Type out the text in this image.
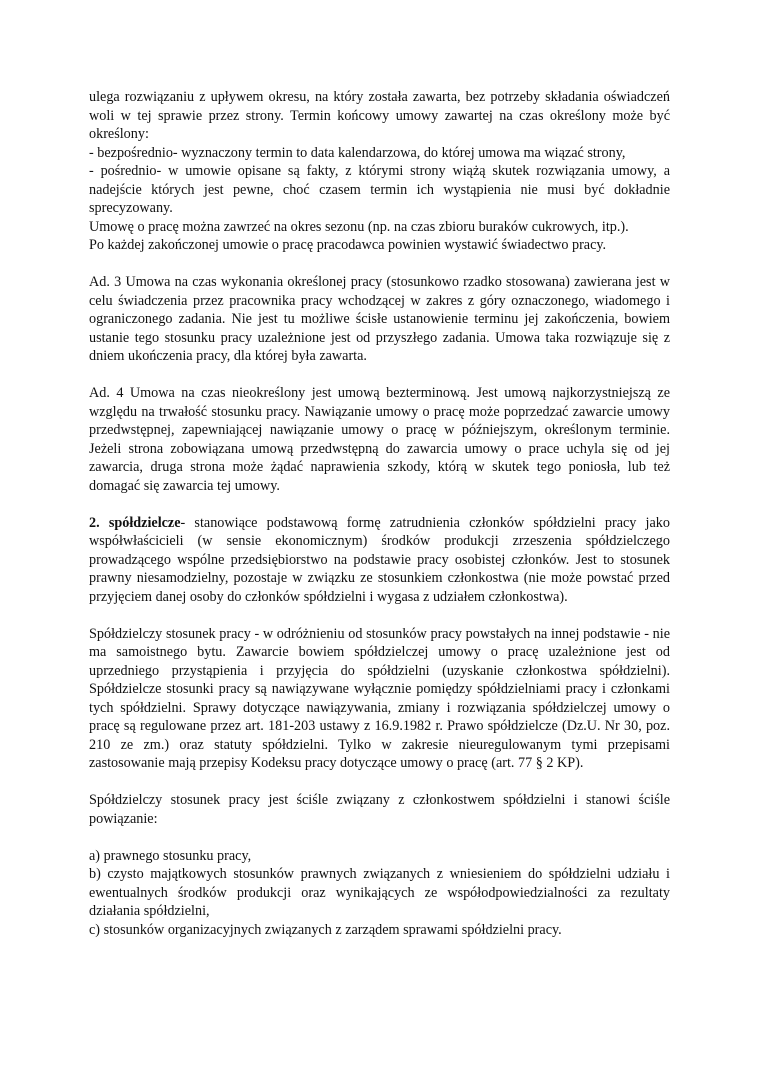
ulega rozwiązaniu z upływem okresu, na który została zawarta, bez potrzeby składania oświadczeń woli w tej sprawie przez strony. Termin końcowy umowy zawartej na czas określony może być określony:

- bezpośrednio- wyznaczony termin to data kalendarzowa, do której umowa ma wiązać strony,

- pośrednio- w umowie opisane są fakty, z którymi strony wiążą skutek rozwiązania umowy, a nadejście których jest pewne, choć czasem termin ich wystąpienia nie musi być dokładnie sprecyzowany.

Umowę o pracę można zawrzeć na okres sezonu (np. na czas zbioru buraków cukrowych, itp.).

Po każdej zakończonej umowie o pracę pracodawca powinien wystawić świadectwo pracy.

Ad. 3 Umowa na czas wykonania określonej pracy (stosunkowo rzadko stosowana) zawierana jest w celu świadczenia przez pracownika pracy wchodzącej w zakres z góry oznaczonego, wiadomego i ograniczonego zadania. Nie jest tu możliwe ścisłe ustanowienie terminu jej zakończenia, bowiem ustanie tego stosunku pracy uzależnione jest od przyszłego zadania. Umowa taka rozwiązuje się z dniem ukończenia pracy, dla której była zawarta.

Ad. 4 Umowa na czas nieokreślony jest umową bezterminową. Jest umową najkorzystniejszą ze względu na trwałość stosunku pracy. Nawiązanie umowy o pracę może poprzedzać zawarcie umowy przedwstępnej, zapewniającej nawiązanie umowy o pracę w późniejszym, określonym terminie. Jeżeli strona zobowiązana umową przedwstępną do zawarcia umowy o prace uchyla się od jej zawarcia, druga strona może żądać naprawienia szkody, którą w skutek tego poniosła, lub też domagać się zawarcia tej umowy.

2. spółdzielcze- stanowiące podstawową formę zatrudnienia członków spółdzielni pracy jako współwłaścicieli (w sensie ekonomicznym) środków produkcji zrzeszenia spółdzielczego prowadzącego wspólne przedsiębiorstwo na podstawie pracy osobistej członków. Jest to stosunek prawny niesamodzielny, pozostaje w związku ze stosunkiem członkostwa (nie może powstać przed przyjęciem danej osoby do członków spółdzielni i wygasa z udziałem członkostwa).

Spółdzielczy stosunek pracy - w odróżnieniu od stosunków pracy powstałych na innej podstawie - nie ma samoistnego bytu. Zawarcie bowiem spółdzielczej umowy o pracę uzależnione jest od uprzedniego przystąpienia i przyjęcia do spółdzielni (uzyskanie członkostwa spółdzielni). Spółdzielcze stosunki pracy są nawiązywane wyłącznie pomiędzy spółdzielniami pracy i członkami tych spółdzielni. Sprawy dotyczące nawiązywania, zmiany i rozwiązania spółdzielczej umowy o pracę są regulowane przez art. 181-203 ustawy z 16.9.1982 r. Prawo spółdzielcze (Dz.U. Nr 30, poz. 210 ze zm.) oraz statuty spółdzielni. Tylko w zakresie nieuregulowanym tymi przepisami zastosowanie mają przepisy Kodeksu pracy dotyczące umowy o pracę (art. 77 § 2 KP).

Spółdzielczy stosunek pracy jest ściśle związany z członkostwem spółdzielni i stanowi ściśle powiązanie:

a) prawnego stosunku pracy,

b) czysto majątkowych stosunków prawnych związanych z wniesieniem do spółdzielni udziału i ewentualnych środków produkcji oraz wynikających ze współodpowiedzialności za rezultaty działania spółdzielni,

c) stosunków organizacyjnych związanych z zarządem sprawami spółdzielni pracy.
